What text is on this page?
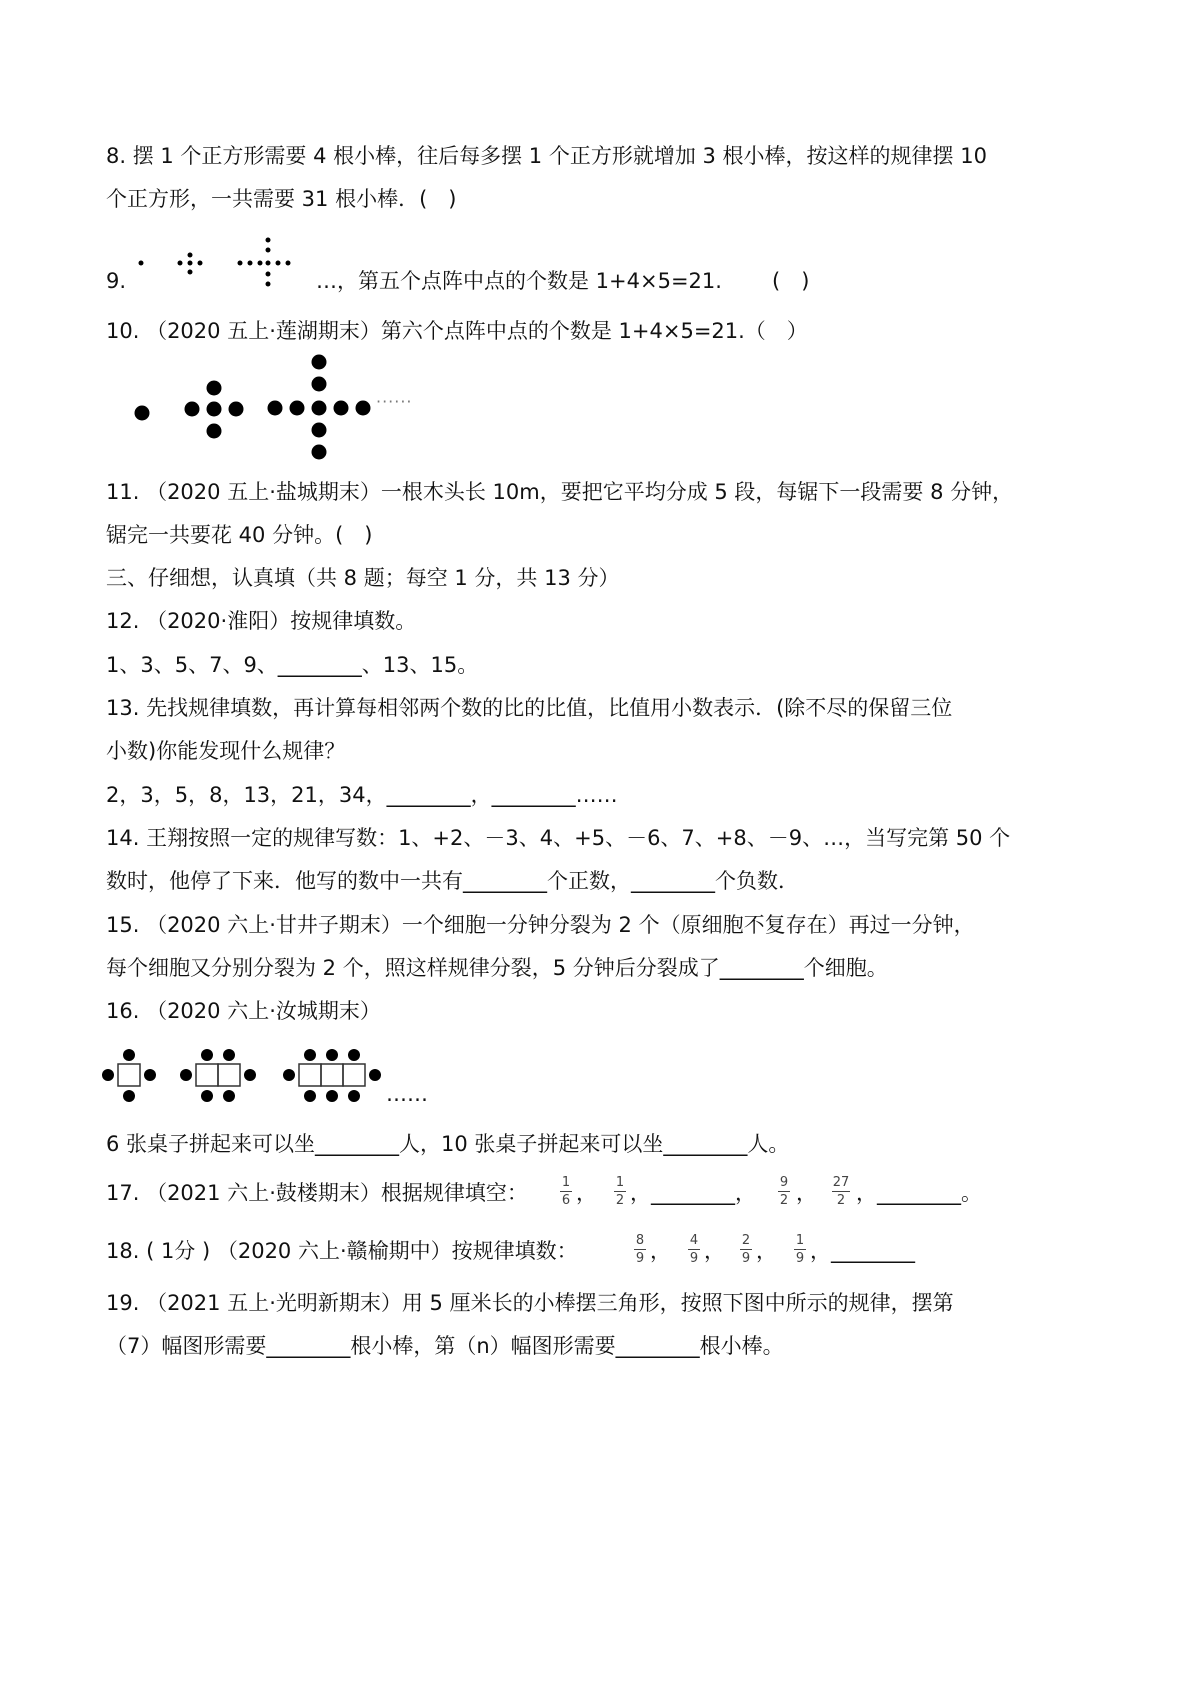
8. 摆 1 个正方形需要 4 根小棒，往后每多摆 1 个正方形就增加 3 根小棒，按这样的规律摆 10
个正方形，一共需要 31 根小棒．(　)
9.	…，第五个点阵中点的个数是 1+4×5=21. (　)
10. （2020 五上·莲湖期末）第六个点阵中点的个数是 1+4×5=21.（　）
······
11. （2020 五上·盐城期末）一根木头长 10m，要把它平均分成 5 段，每锯下一段需要 8 分钟，
锯完一共要花 40 分钟。(　)
三、仔细想，认真填（共 8 题；每空 1 分，共 13 分）
12. （2020·淮阳）按规律填数。
1、3、5、7、9、________、13、15。
13. 先找规律填数，再计算每相邻两个数的比的比值，比值用小数表示．(除不尽的保留三位
小数)你能发现什么规律？
2，3，5，8，13，21，34，________，________……
14. 王翔按照一定的规律写数：1、+2、－3、4、+5、－6、7、+8、－9、…，当写完第 50 个
数时，他停了下来．他写的数中一共有________个正数，________个负数．
15. （2020 六上·甘井子期末）一个细胞一分钟分裂为 2 个（原细胞不复存在）再过一分钟，
每个细胞又分别分裂为 2 个，照这样规律分裂，5 分钟后分裂成了________个细胞。
16. （2020 六上·汝城期末）
……
6 张桌子拼起来可以坐________人，10 张桌子拼起来可以坐________人。
17. （2021 六上·鼓楼期末）根据规律填空：	1
6 ， 1
2 ，________， 9
2 ， 27
2 ，________。
18. ( 1分 ) （2020 六上·赣榆期中）按规律填数：	8
9 ， 4
9 ， 2
9 ， 1
9 ，________
19. （2021 五上·光明新期末）用 5 厘米长的小棒摆三角形，按照下图中所示的规律，摆第
（7）幅图形需要________根小棒，第（n）幅图形需要________根小棒。
